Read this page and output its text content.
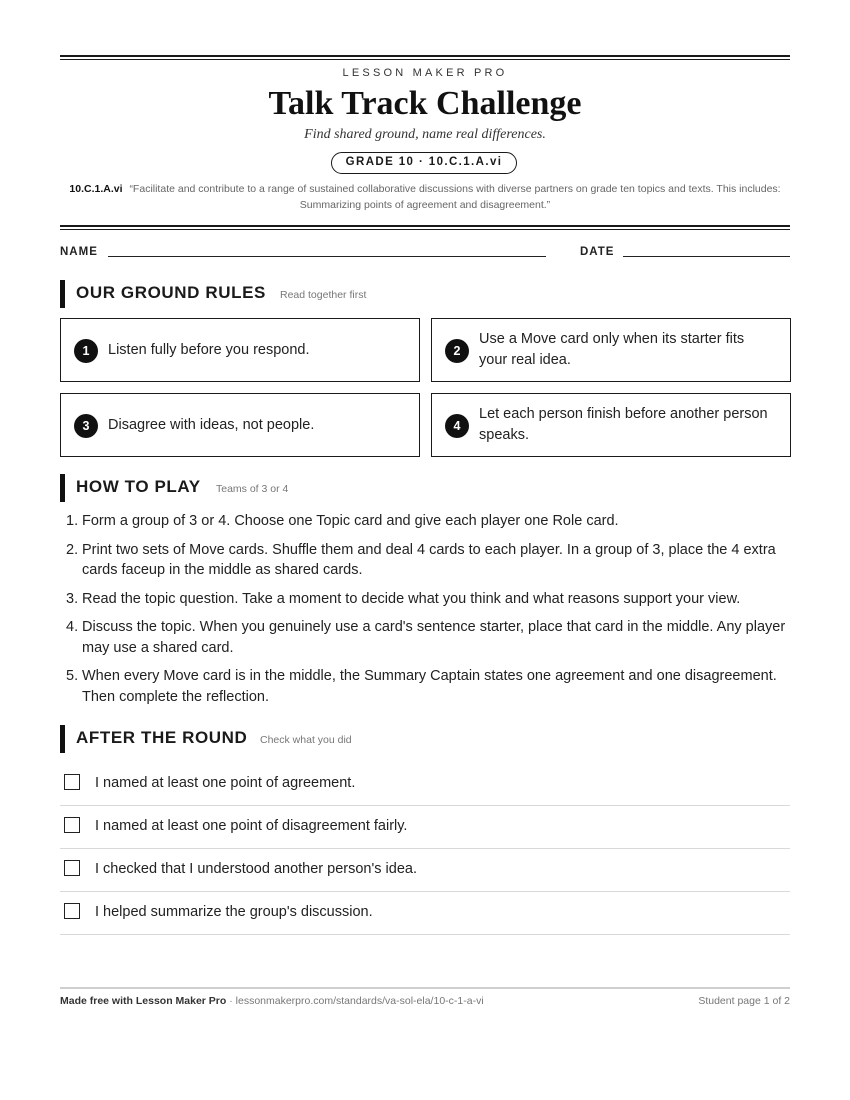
LESSON MAKER PRO
Talk Track Challenge
Find shared ground, name real differences.
GRADE 10 · 10.C.1.A.vi
10.C.1.A.vi “Facilitate and contribute to a range of sustained collaborative discussions with diverse partners on grade ten topics and texts. This includes: Summarizing points of agreement and disagreement.”
NAME	DATE
OUR GROUND RULES Read together first
1	Listen fully before you respond.	2
Use a Move card only when its starter fits your real idea.
3	Disagree with ideas, not people.	4
Let each person finish before another person speaks.
HOW TO PLAY Teams of 3 or 4
1. Form a group of 3 or 4. Choose one Topic card and give each player one Role card.
2. Print two sets of Move cards. Shuffle them and deal 4 cards to each player. In a group of 3, place the 4 extra cards faceup in the middle as shared cards.
3. Read the topic question. Take a moment to decide what you think and what reasons support your view.
4. Discuss the topic. When you genuinely use a card's sentence starter, place that card in the middle. Any player may use a shared card.
5. When every Move card is in the middle, the Summary Captain states one agreement and one disagreement. Then complete the reflection.
AFTER THE ROUND Check what you did
I named at least one point of agreement.
I named at least one point of disagreement fairly.
I checked that I understood another person's idea.
I helped summarize the group's discussion.
Made free with Lesson Maker Pro · lessonmakerpro.com/standards/va-sol-ela/10-c-1-a-vi	Student page 1 of 2
